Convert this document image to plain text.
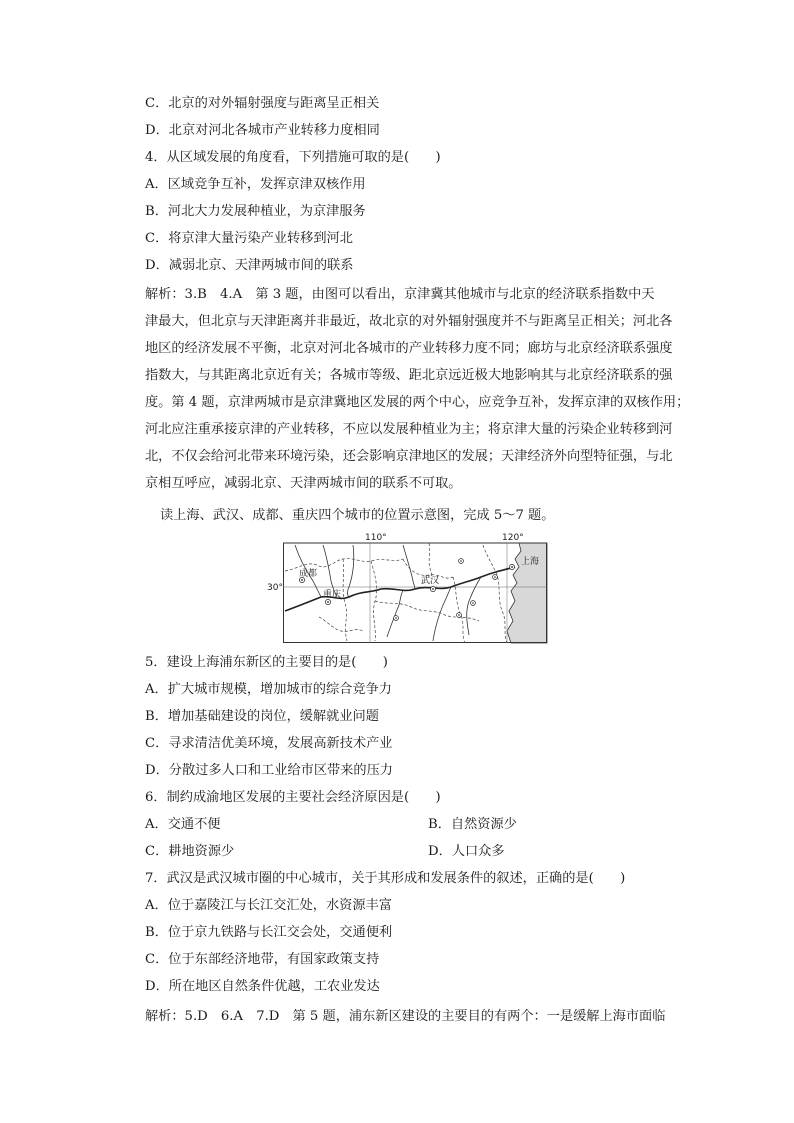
C．北京的对外辐射强度与距离呈正相关
D．北京对河北各城市产业转移力度相同
4．从区域发展的角度看，下列措施可取的是(　　)
A．区域竞争互补，发挥京津双核作用
B．河北大力发展种植业，为京津服务
C．将京津大量污染产业转移到河北
D．减弱北京、天津两城市间的联系
解析：3.B　4.A　第 3 题，由图可以看出，京津冀其他城市与北京的经济联系指数中天
津最大，但北京与天津距离并非最近，故北京的对外辐射强度并不与距离呈正相关；河北各
地区的经济发展不平衡，北京对河北各城市的产业转移力度不同；廊坊与北京经济联系强度
指数大，与其距离北京近有关；各城市等级、距北京远近极大地影响其与北京经济联系的强
度。第 4 题，京津两城市是京津冀地区发展的两个中心，应竞争互补，发挥京津的双核作用；
河北应注重承接京津的产业转移，不应以发展种植业为主；将京津大量的污染企业转移到河
北，不仅会给河北带来环境污染，还会影响京津地区的发展；天津经济外向型特征强，与北
京相互呼应，减弱北京、天津两城市间的联系不可取。
读上海、武汉、成都、重庆四个城市的位置示意图，完成 5～7 题。
110°	120°
30°
成都
重庆
武汉
上海
5．建设上海浦东新区的主要目的是(　　)
A．扩大城市规模，增加城市的综合竞争力
B．增加基础建设的岗位，缓解就业问题
C．寻求清洁优美环境，发展高新技术产业
D．分散过多人口和工业给市区带来的压力
6．制约成渝地区发展的主要社会经济原因是(　　)
A．交通不便	B．自然资源少
C．耕地资源少	D．人口众多
7．武汉是武汉城市圈的中心城市，关于其形成和发展条件的叙述，正确的是(　　)
A．位于嘉陵江与长江交汇处，水资源丰富
B．位于京九铁路与长江交会处，交通便利
C．位于东部经济地带，有国家政策支持
D．所在地区自然条件优越，工农业发达
解析：5.D　6.A　7.D　第 5 题，浦东新区建设的主要目的有两个：一是缓解上海市面临
